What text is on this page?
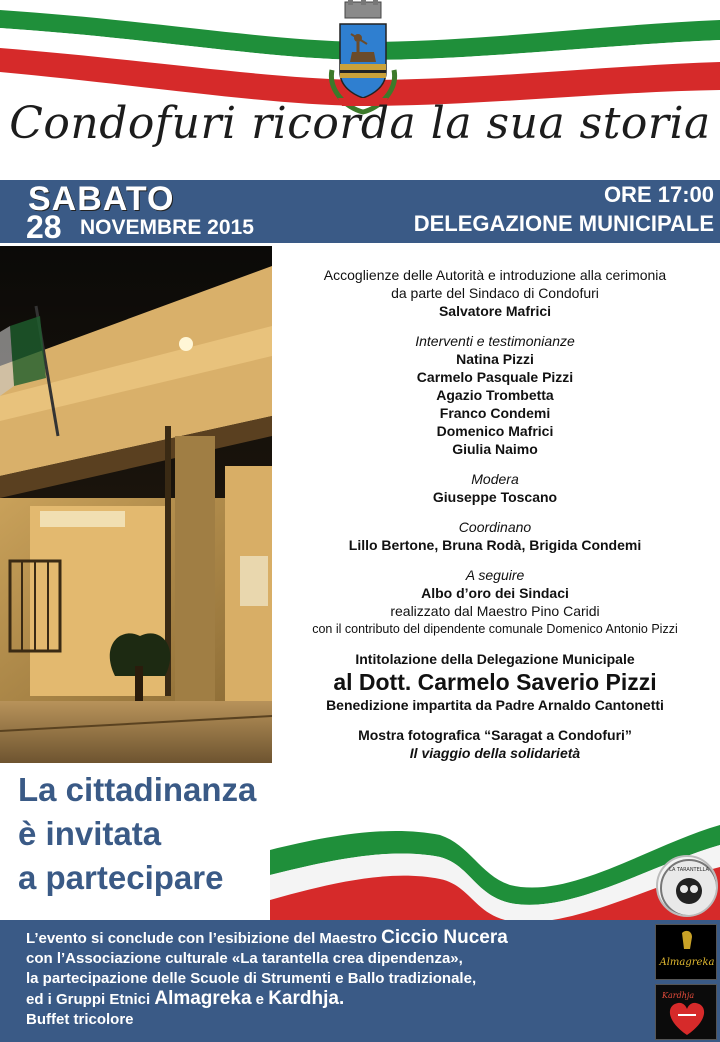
Condofuri ricorda la sua storia
SABATO
28 NOVEMBRE 2015
ORE 17:00
DELEGAZIONE MUNICIPALE
Accoglienze delle Autorità e introduzione alla cerimonia
da parte del Sindaco di Condofuri
Salvatore Mafrici
Interventi e testimonianze
Natina Pizzi
Carmelo Pasquale Pizzi
Agazio Trombetta
Franco Condemi
Domenico Mafrici
Giulia Naimo
Modera
Giuseppe Toscano
Coordinano
Lillo Bertone, Bruna Rodà, Brigida Condemi
A seguire
Albo d’oro dei Sindaci
realizzato dal Maestro Pino Caridi
con il contributo del dipendente comunale Domenico Antonio Pizzi
Intitolazione della Delegazione Municipale
al Dott. Carmelo Saverio Pizzi
Benedizione impartita da Padre Arnaldo Cantonetti
Mostra fotografica “Saragat a Condofuri”
Il viaggio della solidarietà
La cittadinanza
è invitata
a partecipare	LA TARANTELLA
L’evento si conclude con l’esibizione del Maestro Ciccio Nucera
con l’Associazione culturale «La tarantella crea dipendenza»,
la partecipazione delle Scuole di Strumenti e Ballo tradizionale,
ed i Gruppi Etnici Almagreka e Kardhja.
Buffet tricolore
Almagreka
Kardhja
